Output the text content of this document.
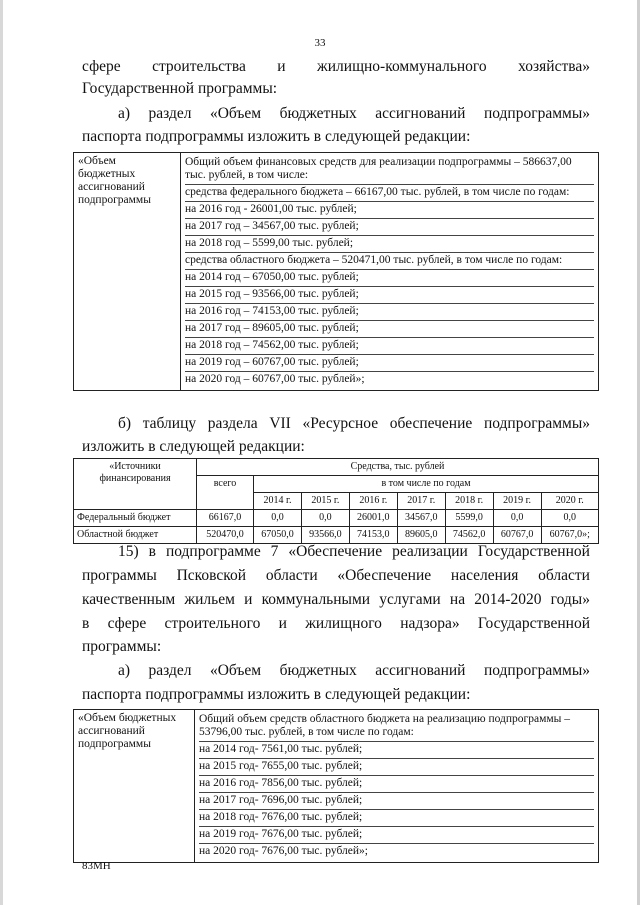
33
сфере строительства и жилищно-коммунального хозяйства»
Государственной программы:
а) раздел «Объем бюджетных ассигнований подпрограммы»
паспорта подпрограммы изложить в следующей редакции:
«Объем бюджетных ассигнований подпрограммы	
Общий объем финансовых средств для реализации подпрограммы – 586637,00 тыс. рублей, в том числе:
средства федерального бюджета – 66167,00 тыс. рублей, в том числе по годам:
на 2016 год - 26001,00 тыс. рублей;
на 2017 год – 34567,00 тыс. рублей;
на 2018 год – 5599,00 тыс. рублей;
средства областного бюджета – 520471,00 тыс. рублей, в том числе по годам:
на 2014 год – 67050,00 тыс. рублей;
на 2015 год – 93566,00 тыс. рублей;
на 2016 год – 74153,00 тыс. рублей;
на 2017 год – 89605,00 тыс. рублей;
на 2018 год – 74562,00 тыс. рублей;
на 2019 год – 60767,00 тыс. рублей;
на 2020 год – 60767,00 тыс. рублей»;
б) таблицу раздела VII «Ресурсное обеспечение подпрограммы»
изложить в следующей редакции:
«Источники финансирования	Средства, тыс. рублей							
	всего	в том числе по годам						
		2014 г.	2015 г.	2016 г.	2017 г.	2018 г.	2019 г.	2020 г.
Федеральный бюджет	66167,0	0,0	0,0	26001,0	34567,0	5599,0	0,0	0,0
Областной бюджет	520470,0	67050,0	93566,0	74153,0	89605,0	74562,0	60767,0	60767,0»;
15) в подпрограмме 7 «Обеспечение реализации Государственной
программы Псковской области «Обеспечение населения области
качественным жильем и коммунальными услугами на 2014-2020 годы»
в сфере строительного и жилищного надзора» Государственной
программы:
а) раздел «Объем бюджетных ассигнований подпрограммы»
паспорта подпрограммы изложить в следующей редакции:
«Объем бюджетных ассигнований подпрограммы	
Общий объем средств областного бюджета на реализацию подпрограммы – 53796,00 тыс. рублей, в том числе по годам:
на 2014 год- 7561,00 тыс. рублей;
на 2015 год- 7655,00 тыс. рублей;
на 2016 год- 7856,00 тыс. рублей;
на 2017 год- 7696,00 тыс. рублей;
на 2018 год- 7676,00 тыс. рублей;
на 2019 год- 7676,00 тыс. рублей;
на 2020 год- 7676,00 тыс. рублей»;
83МН
